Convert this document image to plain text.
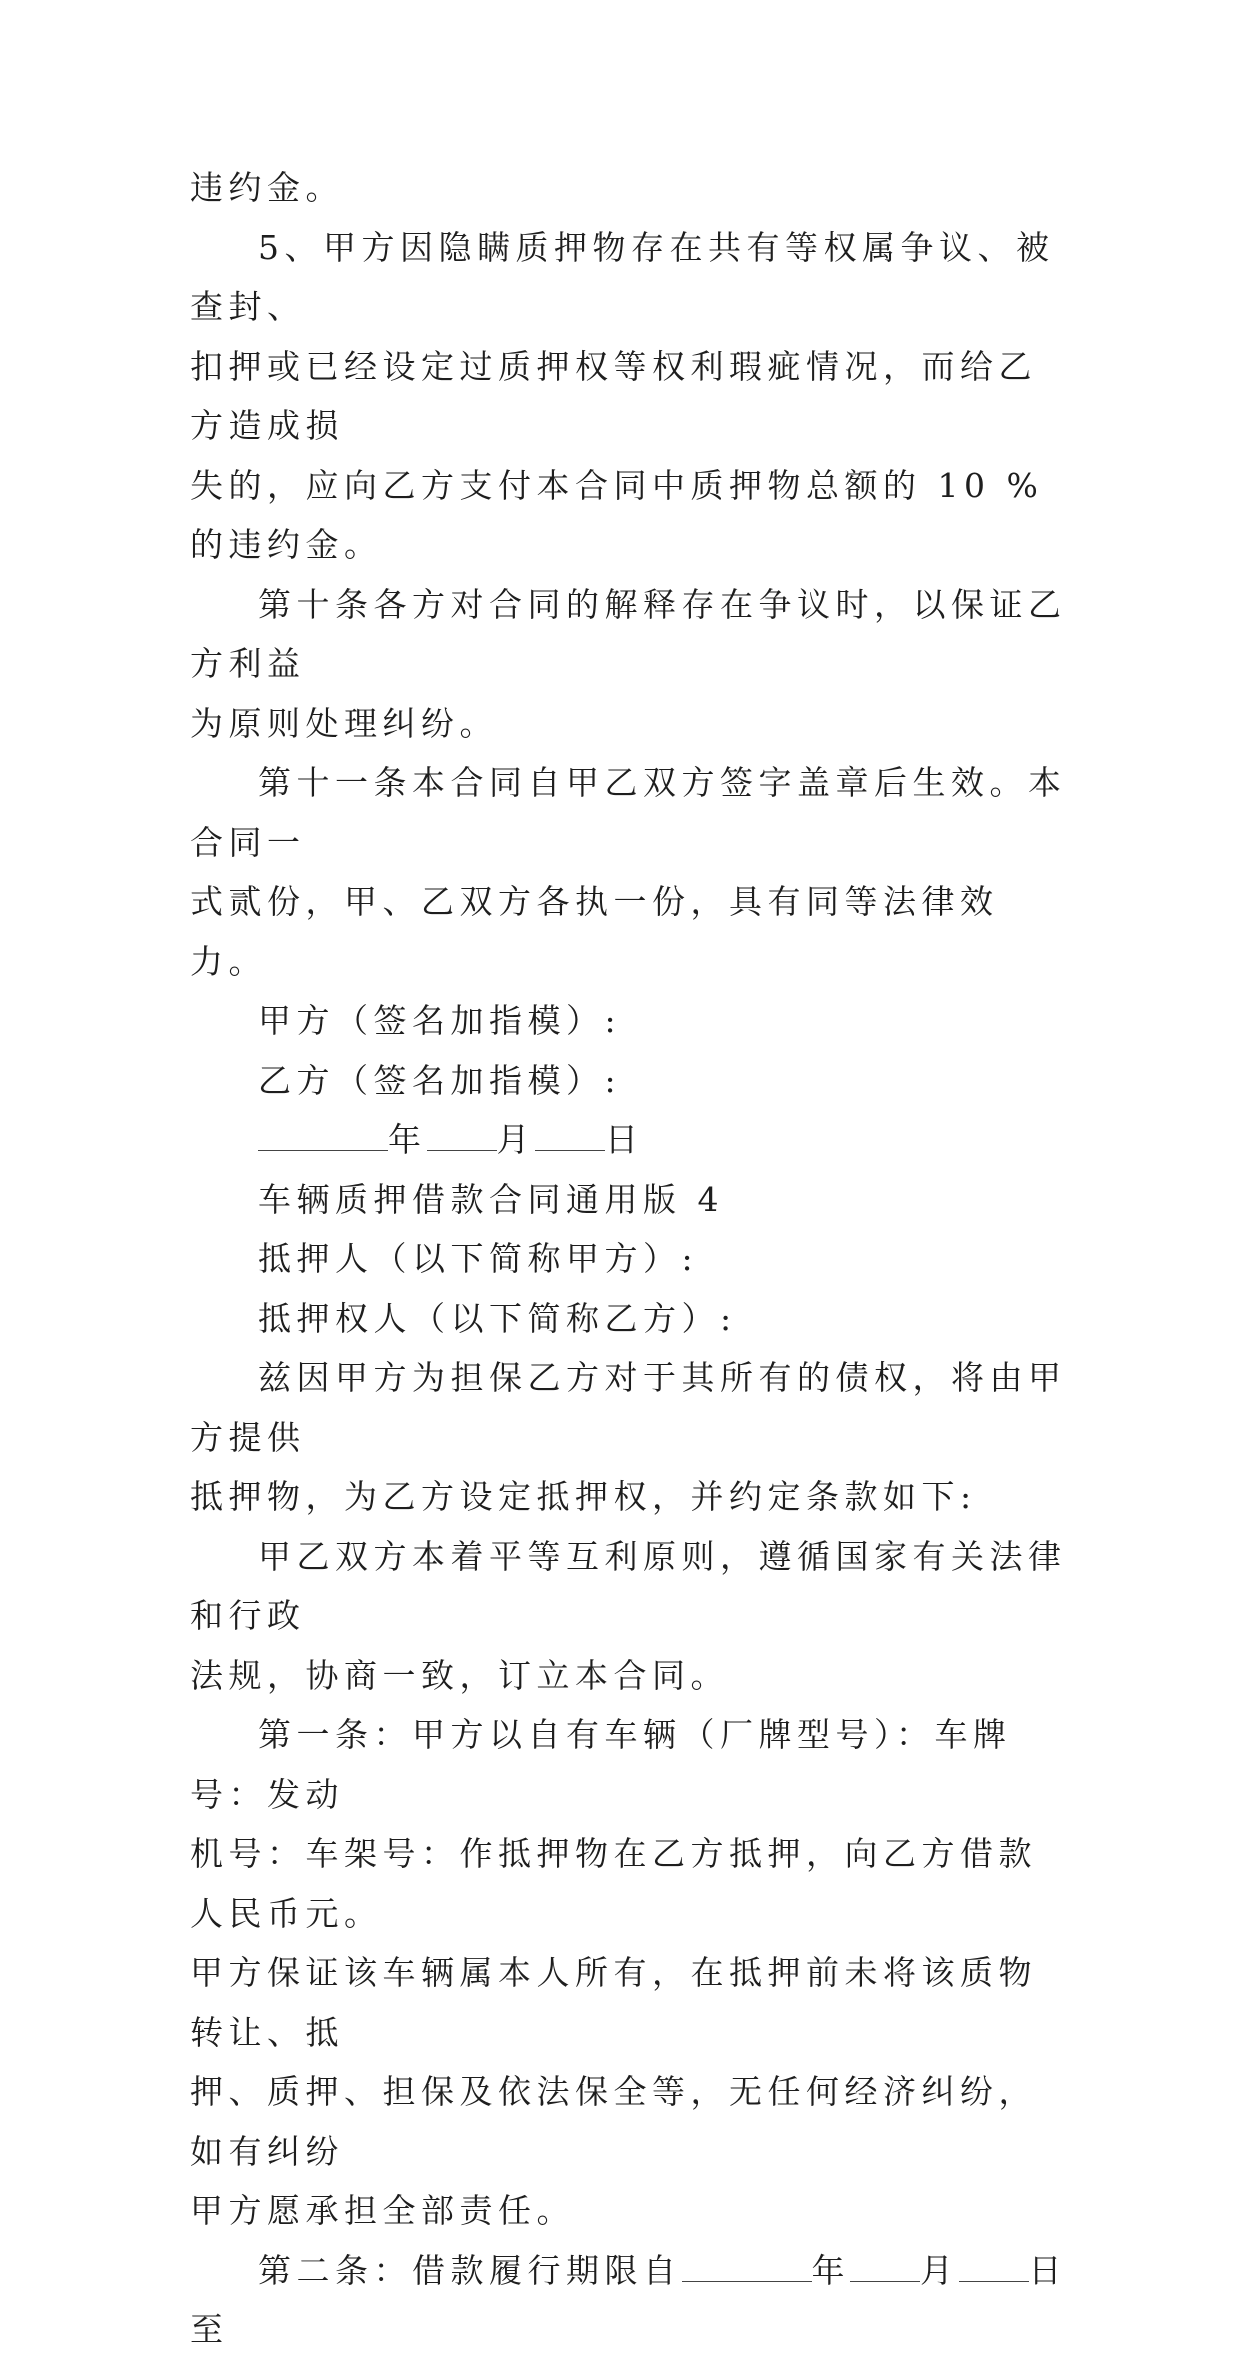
违约金。

5、甲方因隐瞒质押物存在共有等权属争议、被查封、

扣押或已经设定过质押权等权利瑕疵情况，而给乙方造成损

失的，应向乙方支付本合同中质押物总额的 10 %的违约金。

第十条各方对合同的解释存在争议时，以保证乙方利益

为原则处理纠纷。

第十一条本合同自甲乙双方签字盖章后生效。本合同一

式贰份，甲、乙双方各执一份，具有同等法律效力。

甲方（签名加指模）:

乙方（签名加指模）:

年 月 日

车辆质押借款合同通用版 4

抵押人（以下简称甲方）:

抵押权人（以下简称乙方）:

兹因甲方为担保乙方对于其所有的债权，将由甲方提供

抵押物，为乙方设定抵押权，并约定条款如下:

甲乙双方本着平等互利原则，遵循国家有关法律和行政

法规，协商一致，订立本合同。

第一条：甲方以自有车辆（厂牌型号）：车牌号：发动

机号：车架号：作抵押物在乙方抵押，向乙方借款人民币元。

甲方保证该车辆属本人所有，在抵押前未将该质物转让、抵

押、质押、担保及依法保全等，无任何经济纠纷，如有纠纷

甲方愿承担全部责任。

第二条：借款履行期限自	年 月 日至
